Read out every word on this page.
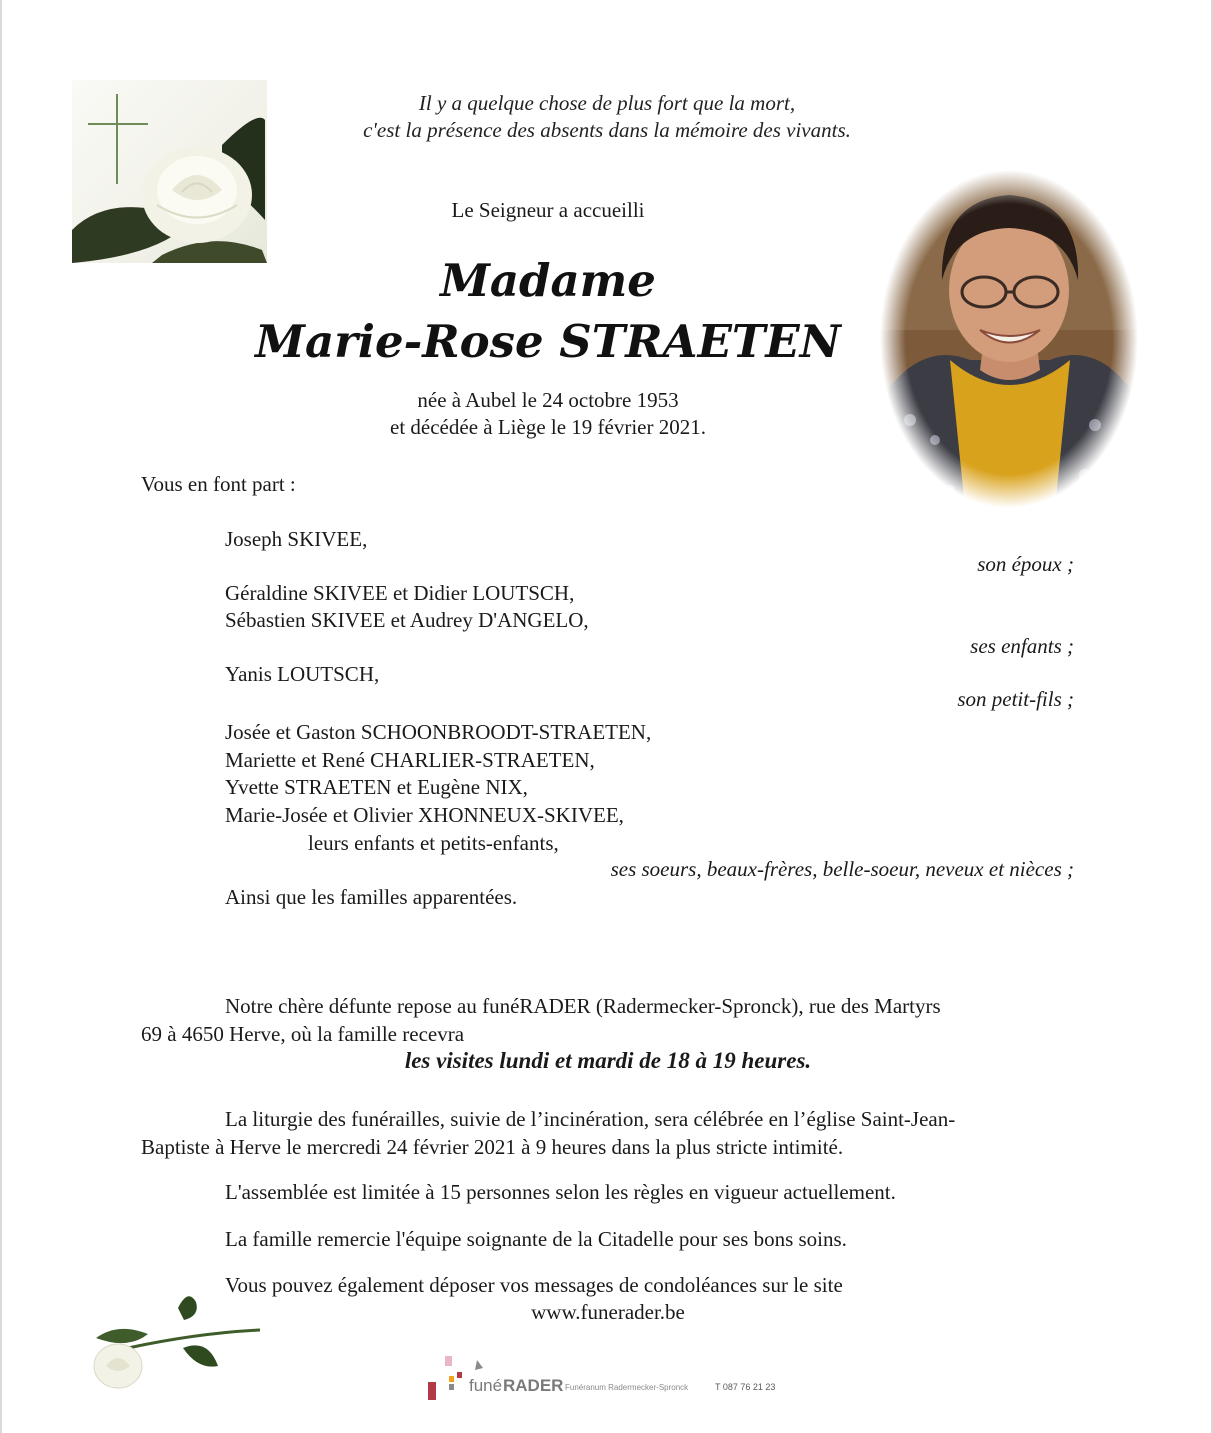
Il y a quelque chose de plus fort que la mort,
c'est la présence des absents dans la mémoire des vivants.
Le Seigneur a accueilli
Madame
Marie-Rose STRAETEN
née à Aubel le 24 octobre 1953
et décédée à Liège le 19 février 2021.
Vous en font part :
Joseph SKIVEE,
son époux ;
Géraldine SKIVEE et Didier LOUTSCH,
Sébastien SKIVEE et Audrey D'ANGELO,
ses enfants ;
Yanis LOUTSCH,
son petit-fils ;
Josée et Gaston SCHOONBROODT-STRAETEN,
Mariette et René CHARLIER-STRAETEN,
Yvette STRAETEN et Eugène NIX,
Marie-Josée et Olivier XHONNEUX-SKIVEE,
leurs enfants et petits-enfants,
ses soeurs, beaux-frères, belle-soeur, neveux et nièces ;
Ainsi que les familles apparentées.
Notre chère défunte repose au funéRADER (Radermecker-Spronck), rue des Martyrs
69 à 4650 Herve, où la famille recevra
les visites lundi et mardi de 18 à 19 heures.
La liturgie des funérailles, suivie de l’incinération, sera célébrée en l’église Saint-Jean-
Baptiste à Herve le mercredi 24 février 2021 à 9 heures dans la plus stricte intimité.
L'assemblée est limitée à 15 personnes selon les règles en vigueur actuellement.
La famille remercie l'équipe soignante de la Citadelle pour ses bons soins.
Vous pouvez également déposer vos messages de condoléances sur le site
www.funerader.be
funé RADER Funéranum Radermecker-Spronck	T 087 76 21 23
